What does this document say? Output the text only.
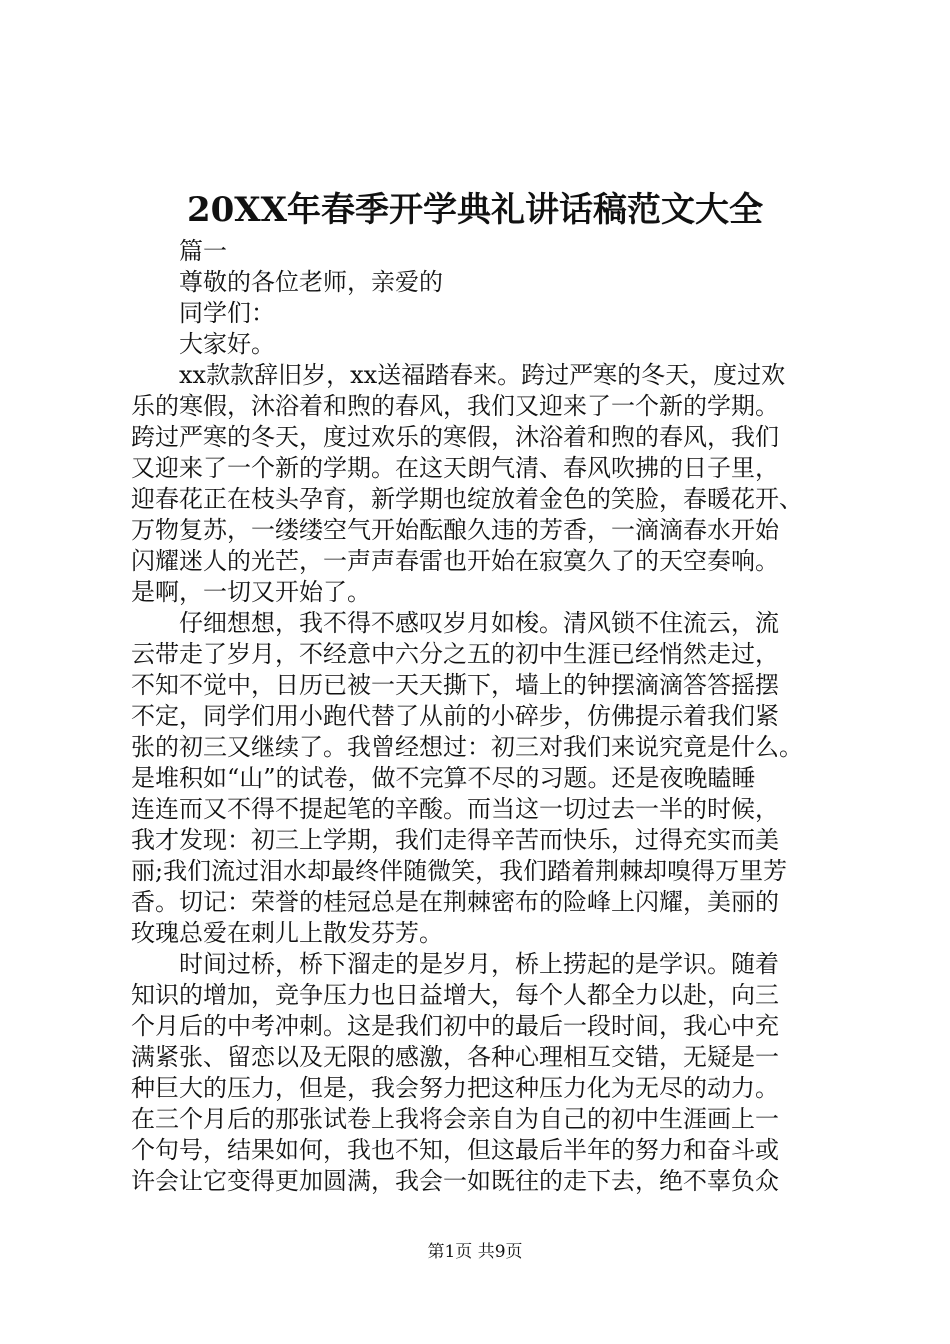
20XX年春季开学典礼讲话稿范文大全
篇一
尊敬的各位老师，亲爱的
同学们：
大家好。
xx款款辞旧岁，xx送福踏春来。跨过严寒的冬天，度过欢
乐的寒假，沐浴着和煦的春风，我们又迎来了一个新的学期。
跨过严寒的冬天，度过欢乐的寒假，沐浴着和煦的春风，我们
又迎来了一个新的学期。在这天朗气清、春风吹拂的日子里，
迎春花正在枝头孕育，新学期也绽放着金色的笑脸，春暖花开、
万物复苏，一缕缕空气开始酝酿久违的芳香，一滴滴春水开始
闪耀迷人的光芒，一声声春雷也开始在寂寞久了的天空奏响。
是啊，一切又开始了。
仔细想想，我不得不感叹岁月如梭。清风锁不住流云，流
云带走了岁月，不经意中六分之五的初中生涯已经悄然走过，
不知不觉中，日历已被一天天撕下，墙上的钟摆滴滴答答摇摆
不定，同学们用小跑代替了从前的小碎步，仿佛提示着我们紧
张的初三又继续了。我曾经想过：初三对我们来说究竟是什么。
是堆积如“山”的试卷，做不完算不尽的习题。还是夜晚瞌睡
连连而又不得不提起笔的辛酸。而当这一切过去一半的时候，
我才发现：初三上学期，我们走得辛苦而快乐，过得充实而美
丽;我们流过泪水却最终伴随微笑，我们踏着荆棘却嗅得万里芳
香。切记：荣誉的桂冠总是在荆棘密布的险峰上闪耀，美丽的
玫瑰总爱在刺儿上散发芬芳。
时间过桥，桥下溜走的是岁月，桥上捞起的是学识。随着
知识的增加，竞争压力也日益增大，每个人都全力以赴，向三
个月后的中考冲刺。这是我们初中的最后一段时间，我心中充
满紧张、留恋以及无限的感激，各种心理相互交错，无疑是一
种巨大的压力，但是，我会努力把这种压力化为无尽的动力。
在三个月后的那张试卷上我将会亲自为自己的初中生涯画上一
个句号，结果如何，我也不知，但这最后半年的努力和奋斗或
许会让它变得更加圆满，我会一如既往的走下去，绝不辜负众
第1页 共9页
